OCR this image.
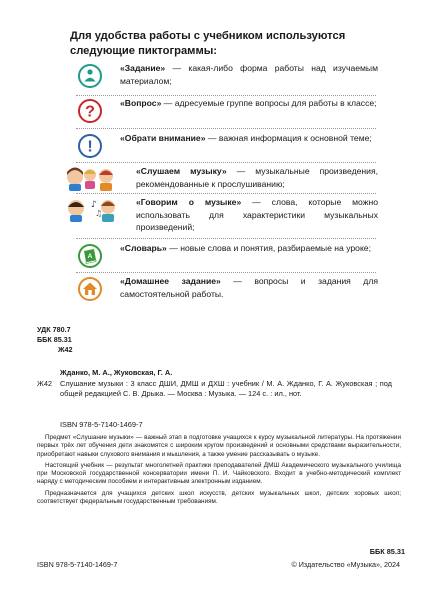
Для удобства работы с учебником используются следующие пиктограммы:
«Задание» — какая-либо форма работы над изучаемым материалом;
?
«Вопрос» — адресуемые группе вопросы для работы в классе;
!
«Обрати внимание» — важная информация к основной теме;
«Слушаем музыку» — музыкальные произведения, рекомендованные к прослушиванию;
♪
♫
«Говорим о музыке» — слова, которые можно использовать для характеристики музыкальных произведений;
A
«Словарь» — новые слова и понятия, разбираемые на уроке;
«Домашнее задание» — вопросы и задания для самостоятельной работы.
УДК 780.7
ББК 85.31
Ж42
Жданко, М. А., Жуковская, Г. А.
Ж42 Слушание музыки : 3 класс ДШИ, ДМШ и ДХШ : учебник / М. А. Жданко, Г. А. Жуковская ; под общей редакцией С. В. Дрыка. — Москва : Музыка. — 124 с. : ил., нот.
ISBN 978-5-7140-1469-7

Предмет «Слушание музыки» — важный этап в подготовке учащихся к курсу музыкальной литературы. На протяжении первых трёх лет обучения дети знакомятся с широким кругом произведений и основными средствами выразительности, приобретают навыки слухового внимания и мышления, а также умение рассказывать о музыке.

Настоящий учебник — результат многолетней практики преподавателей ДМШ Академического музыкального училища при Московской государственной консерватории имени П. И. Чайковского. Входит в учебно-методический комплект наряду с методическим пособием и интерактивным электронным изданием.

Предназначается для учащихся детских школ искусств, детских музыкальных школ, детских хоровых школ; соответствует федеральным государственным требованиям.

ББК 85.31
ISBN 978-5-7140-1469-7	© Издательство «Музыка», 2024
